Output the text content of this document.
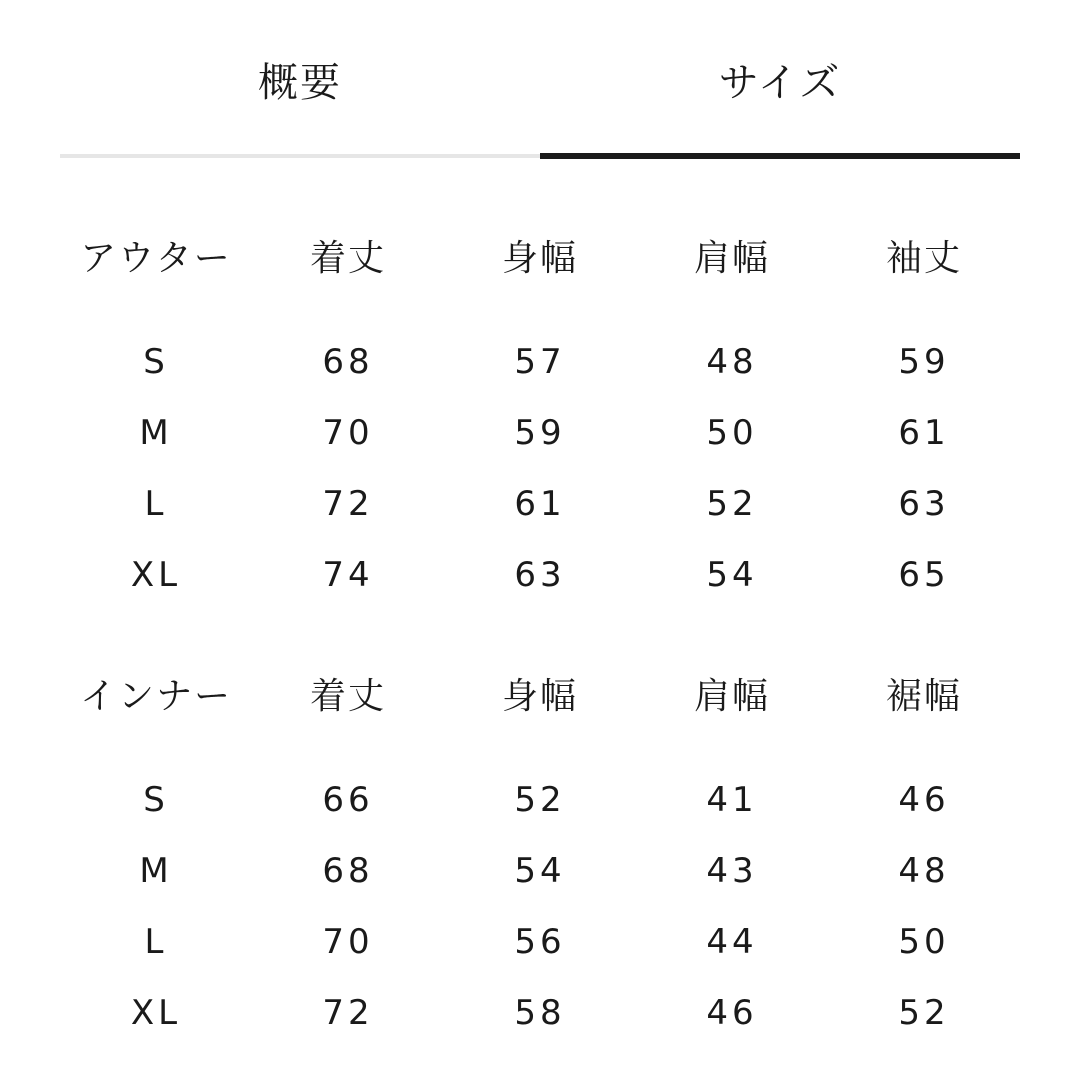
概要	サイズ
アウター	着丈	身幅	肩幅	袖丈
S	68	57	48	59
M	70	59	50	61
L	72	61	52	63
XL	74	63	54	65
インナー	着丈	身幅	肩幅	裾幅
S	66	52	41	46
M	68	54	43	48
L	70	56	44	50
XL	72	58	46	52
